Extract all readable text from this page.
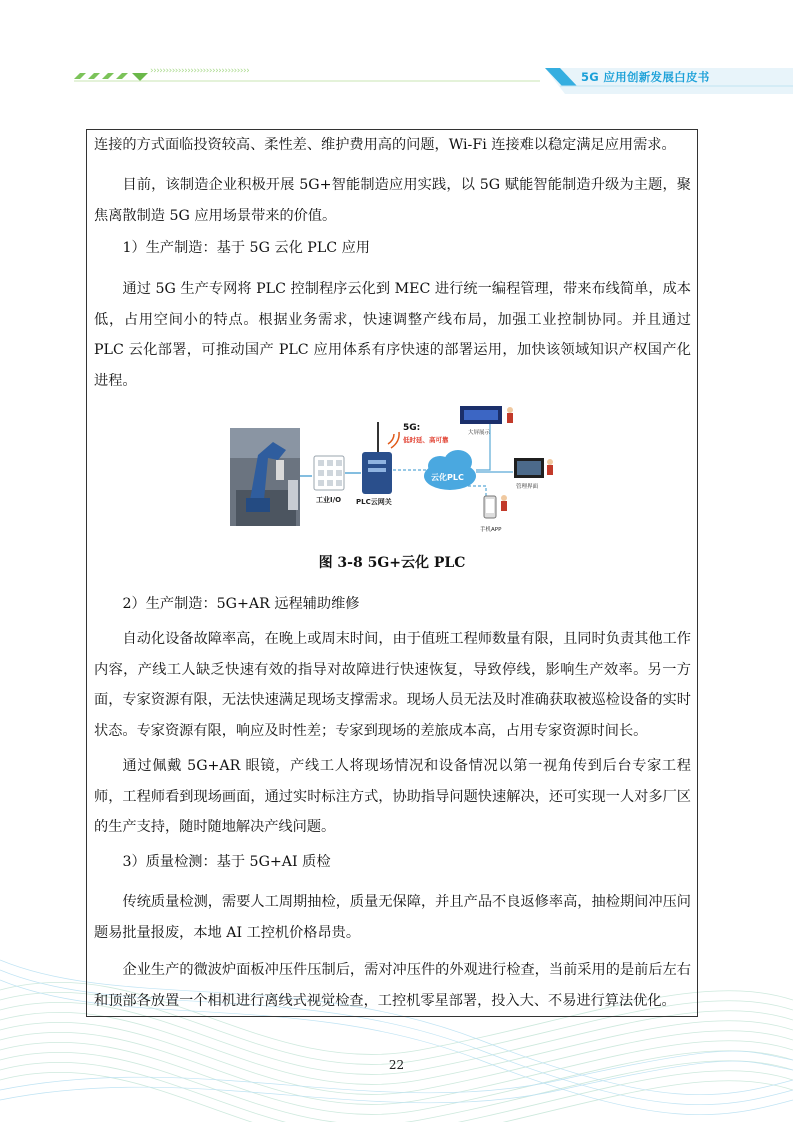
››››››››››››››››››››››››››››››››	5G 应用创新发展白皮书

连接的方式面临投资较高、柔性差、维护费用高的问题，Wi-Fi 连接难以稳定满足应用需求。

目前，该制造企业积极开展 5G+智能制造应用实践，以 5G 赋能智能制造升级为主题，聚焦离散制造 5G 应用场景带来的价值。

1）生产制造：基于 5G 云化 PLC 应用

通过 5G 生产专网将 PLC 控制程序云化到 MEC 进行统一编程管理，带来布线简单，成本低，占用空间小的特点。根据业务需求，快速调整产线布局，加强工业控制协同。并且通过 PLC 云化部署，可推动国产 PLC 应用体系有序快速的部署运用，加快该领域知识产权国产化进程。

工业I/O PLC云网关
5G:
低时延、高可靠
云化PLC
大屏展示
管理界面
手机APP
图 3-8 5G+云化 PLC

2）生产制造：5G+AR 远程辅助维修

自动化设备故障率高，在晚上或周末时间，由于值班工程师数量有限，且同时负责其他工作内容，产线工人缺乏快速有效的指导对故障进行快速恢复，导致停线，影响生产效率。另一方面，专家资源有限，无法快速满足现场支撑需求。现场人员无法及时准确获取被巡检设备的实时状态。专家资源有限，响应及时性差；专家到现场的差旅成本高，占用专家资源时间长。

通过佩戴 5G+AR 眼镜，产线工人将现场情况和设备情况以第一视角传到后台专家工程师，工程师看到现场画面，通过实时标注方式，协助指导问题快速解决，还可实现一人对多厂区的生产支持，随时随地解决产线问题。

3）质量检测：基于 5G+AI 质检

传统质量检测，需要人工周期抽检，质量无保障，并且产品不良返修率高，抽检期间冲压问题易批量报废，本地 AI 工控机价格昂贵。

企业生产的微波炉面板冲压件压制后，需对冲压件的外观进行检查，当前采用的是前后左右和顶部各放置一个相机进行离线式视觉检查，工控机零星部署，投入大、不易进行算法优化。

22
